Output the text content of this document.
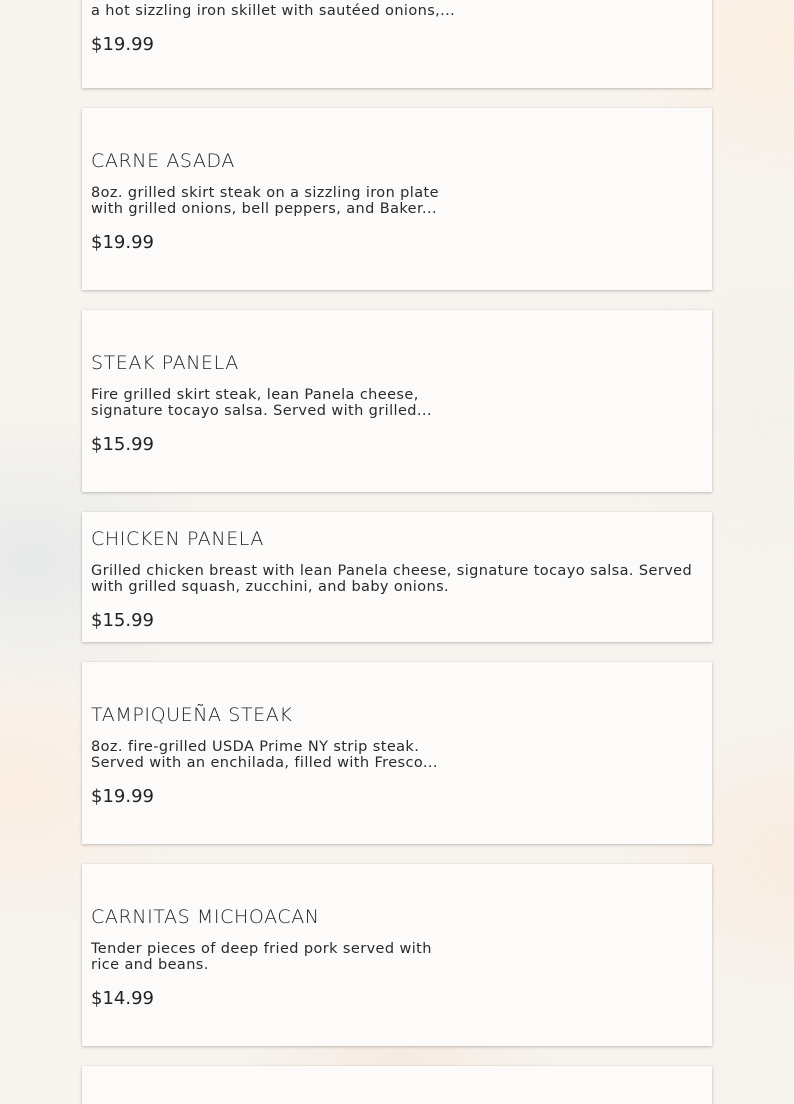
a hot sizzling iron skillet with sautéed onions,...
$19.99
CARNE ASADA
8oz. grilled skirt steak on a sizzling iron plate with grilled onions, bell peppers, and Baker...
$19.99
STEAK PANELA
Fire grilled skirt steak, lean Panela cheese, signature tocayo salsa. Served with grilled...
$15.99
CHICKEN PANELA
Grilled chicken breast with lean Panela cheese, signature tocayo salsa. Served with grilled squash, zucchini, and baby onions.
$15.99
TAMPIQUEÑA STEAK
8oz. fire-grilled USDA Prime NY strip steak. Served with an enchilada, filled with Fresco...
$19.99
CARNITAS MICHOACAN
Tender pieces of deep fried pork served with rice and beans.
$14.99
